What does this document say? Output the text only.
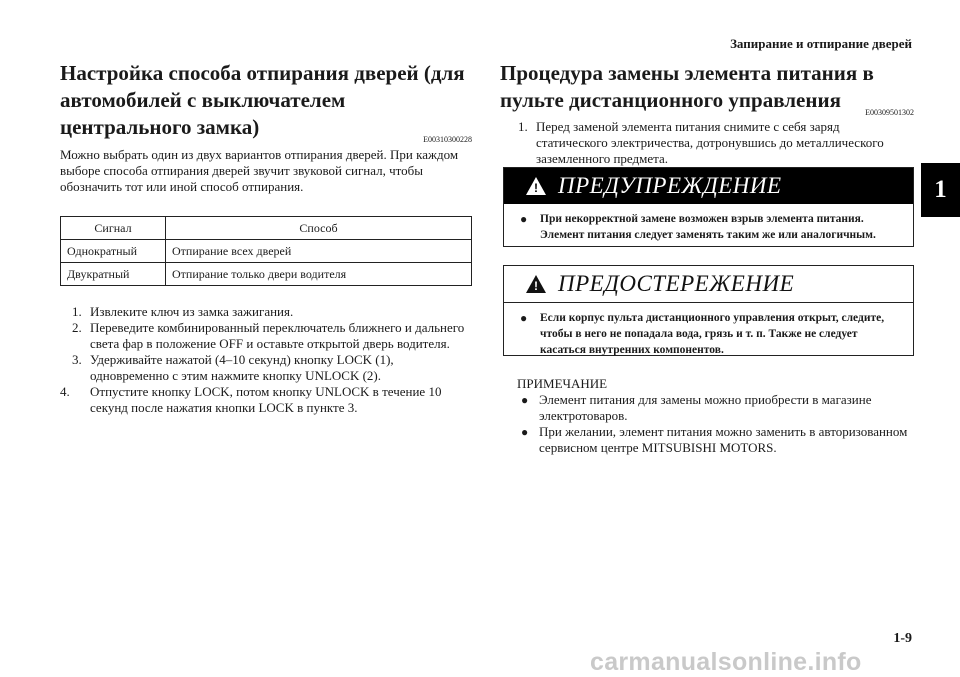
Запирание и отпирание дверей
1
Настройка способа отпирания дверей (для автомобилей с выключателем центрального замка)
E00310300228
Можно выбрать один из двух вариантов отпирания дверей. При каждом выборе способа отпирания дверей звучит звуковой сигнал, чтобы обозначить тот или иной способ отпирания.
Сигнал	Способ
Однократный	Отпирание всех дверей
Двукратный	Отпирание только двери водителя
1. Извлеките ключ из замка зажигания.
2. Переведите комбинированный переключатель ближнего и дальнего света фар в положение OFF и оставьте открытой дверь водителя.
3. Удерживайте нажатой (4–10 секунд) кнопку LOCK (1), одновременно с этим нажмите кнопку UNLOCK (2).
4. Отпустите кнопку LOCK, потом кнопку UNLOCK в течение 10 секунд после нажатия кнопки LOCK в пункте 3.
Процедура замены элемента питания в пульте дистанционного управления
E00309501302
1. Перед заменой элемента питания снимите с себя заряд статического электричества, дотронувшись до металлического заземленного предмета.
! ПРЕДУПРЕЖДЕНИЕ
● При некорректной замене возможен взрыв элемента питания. Элемент питания следует заменять таким же или аналогичным.
! ПРЕДОСТЕРЕЖЕНИЕ
● Если корпус пульта дистанционного управления открыт, следите, чтобы в него не попадала вода, грязь и т. п. Также не следует касаться внутренних компонентов.
ПРИМЕЧАНИЕ
● Элемент питания для замены можно приобрести в магазине электротоваров.
● При желании, элемент питания можно заменить в авторизованном сервисном центре MITSUBISHI MOTORS.
1-9
carmanualsonline.info
